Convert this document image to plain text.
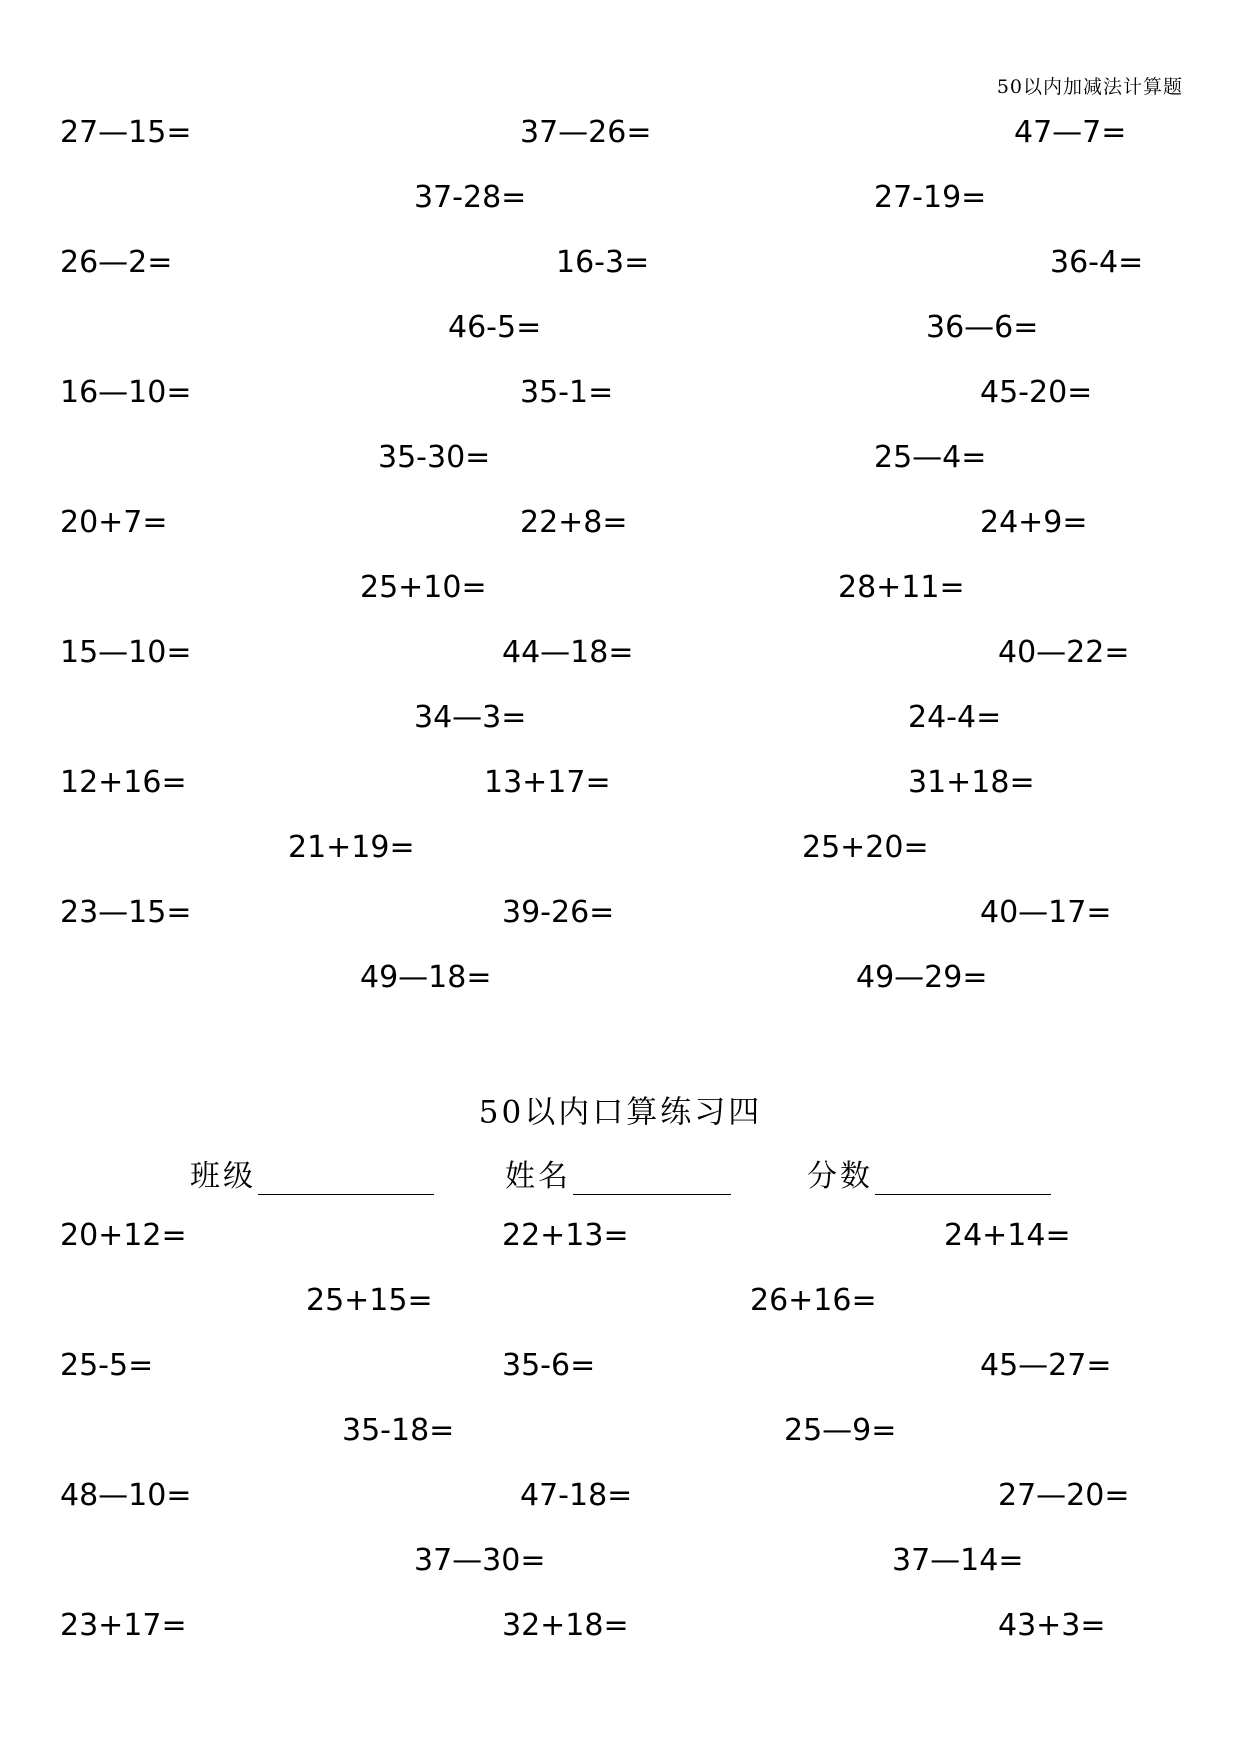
50以内加减法计算题
27—15=	37—26=	47—7=
37-28=	27-19=
26—2=	16-3=	36-4=
46-5=	36—6=
16—10=	35-1=	45-20=
35-30=	25—4=
20+7=	22+8=	24+9=
25+10=	28+11=
15—10=	44—18=	40—22=
34—3=	24-4=
12+16=	13+17=	31+18=
21+19=	25+20=
23—15=	39-26=	40—17=
49—18=	49—29=
50以内口算练习四
班级	姓名	分数
20+12=	22+13=	24+14=
25+15=	26+16=
25-5=	35-6=	45—27=
35-18=	25—9=
48—10=	47-18=	27—20=
37—30=	37—14=
23+17=	32+18=	43+3=
